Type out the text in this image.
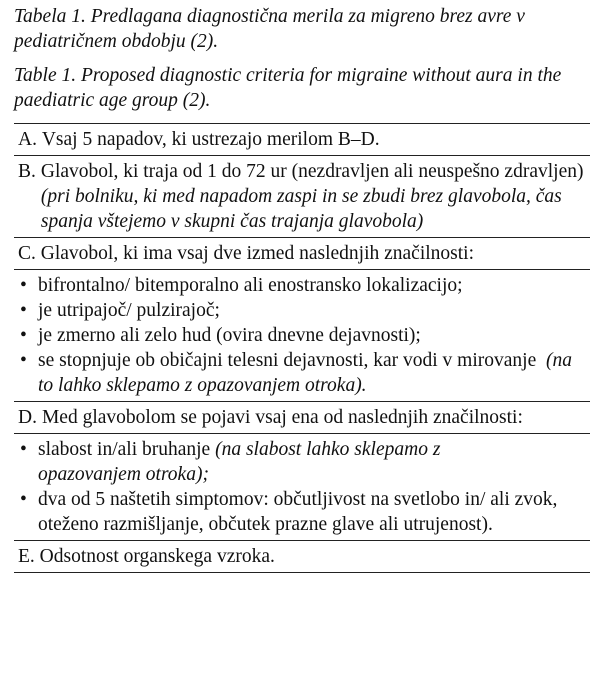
Tabela 1. Predlagana diagnostična merila za migreno brez avre v pediatričnem obdobju (2).

Table 1. Proposed diagnostic criteria for migraine without aura in the paediatric age group (2).

A. Vsaj 5 napadov, ki ustrezajo merilom B–D.
B. Glavobol, ki traja od 1 do 72 ur (nezdravljen ali neuspešno zdravljen) (pri bolniku, ki med napadom zaspi in se zbudi brez glavobola, čas spanja vštejemo v skupni čas trajanja glavobola)
C. Glavobol, ki ima vsaj dve izmed naslednjih značilnosti:
• bifrontalno/ bitemporalno ali enostransko lokalizacijo;
• je utripajoč/ pulzirajoč;
• je zmerno ali zelo hud (ovira dnevne dejavnosti);
• se stopnjuje ob običajni telesni dejavnosti, kar vodi v mirovanje (na to lahko sklepamo z opazovanjem otroka).
D. Med glavobolom se pojavi vsaj ena od naslednjih značilnosti:
• slabost in/ali bruhanje (na slabost lahko sklepamo z opazovanjem otroka);
• dva od 5 naštetih simptomov: občutljivost na svetlobo in/ ali zvok, oteženo razmišljanje, občutek prazne glave ali utrujenost).
E. Odsotnost organskega vzroka.
